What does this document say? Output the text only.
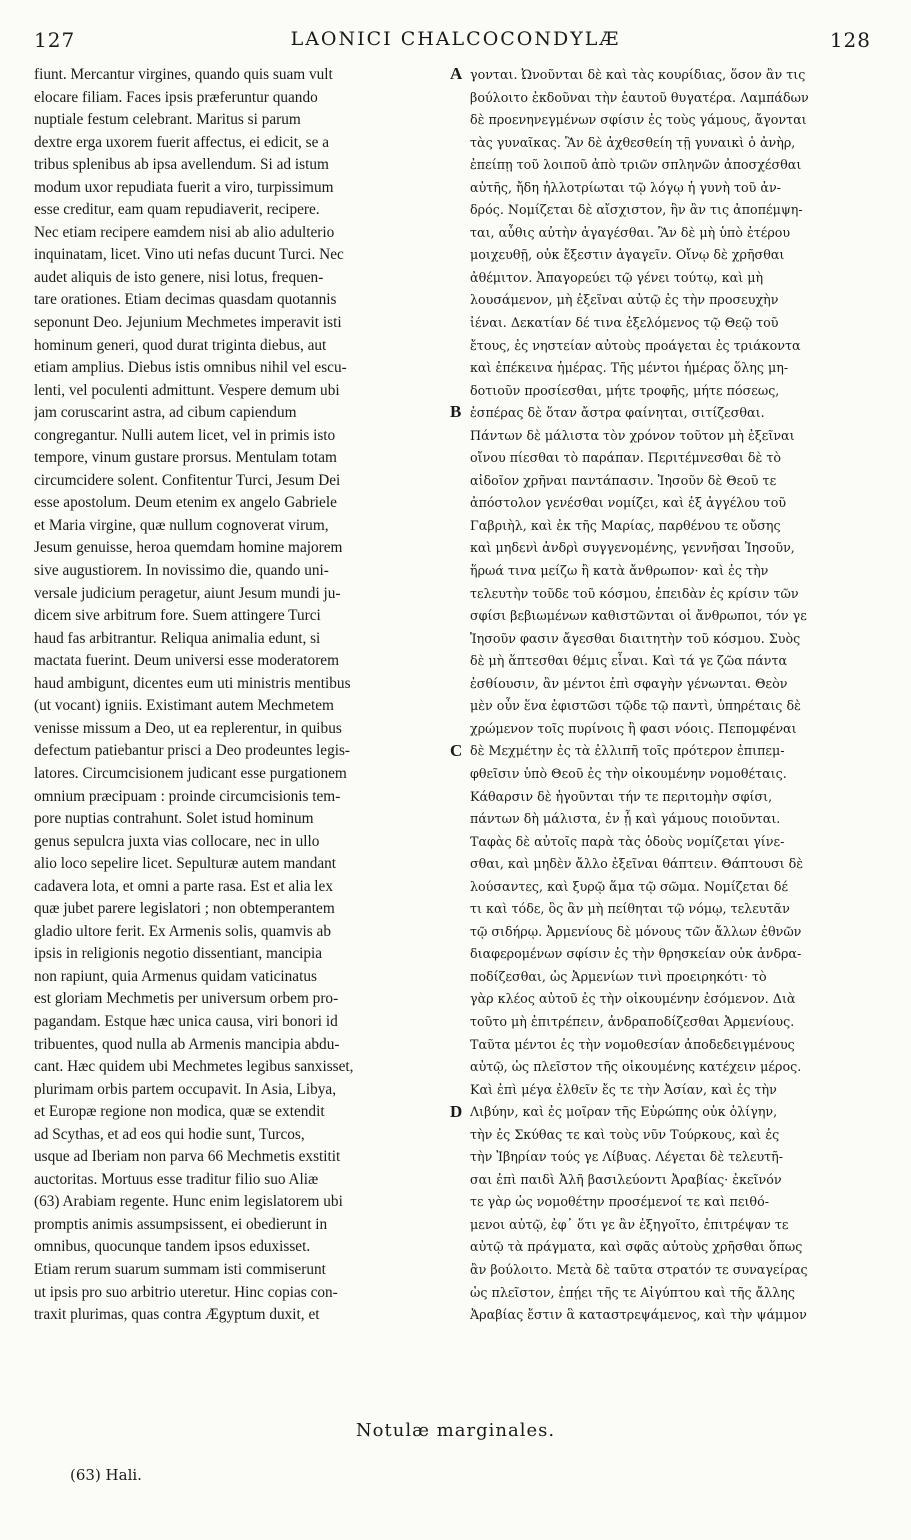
127	LAONICI CHALCOCONDYLÆ	128
fiunt. Mercantur virgines, quando quis suam vult
elocare filiam. Faces ipsis præferuntur quando
nuptiale festum celebrant. Maritus si parum
dextre erga uxorem fuerit affectus, ei edicit, se a
tribus splenibus ab ipsa avellendum. Si ad istum
modum uxor repudiata fuerit a viro, turpissimum
esse creditur, eam quam repudiaverit, recipere.
Nec etiam recipere eamdem nisi ab alio adulterio
inquinatam, licet. Vino uti nefas ducunt Turci. Nec
audet aliquis de isto genere, nisi lotus, frequen-
tare orationes. Etiam decimas quasdam quotannis
seponunt Deo. Jejunium Mechmetes imperavit isti
hominum generi, quod durat triginta diebus, aut
etiam amplius. Diebus istis omnibus nihil vel escu-
lenti, vel poculenti admittunt. Vespere demum ubi
jam coruscarint astra, ad cibum capiendum
congregantur. Nulli autem licet, vel in primis isto
tempore, vinum gustare prorsus. Mentulam totam
circumcidere solent. Confitentur Turci, Jesum Dei
esse apostolum. Deum etenim ex angelo Gabriele
et Maria virgine, quæ nullum cognoverat virum,
Jesum genuisse, heroa quemdam homine majorem
sive augustiorem. In novissimo die, quando uni-
versale judicium peragetur, aiunt Jesum mundi ju-
dicem sive arbitrum fore. Suem attingere Turci
haud fas arbitrantur. Reliqua animalia edunt, si
mactata fuerint. Deum universi esse moderatorem
haud ambigunt, dicentes eum uti ministris mentibus
(ut vocant) igniis. Existimant autem Mechmetem
venisse missum a Deo, ut ea replerentur, in quibus
defectum patiebantur prisci a Deo prodeuntes legis-
latores. Circumcisionem judicant esse purgationem
omnium præcipuam : proinde circumcisionis tem-
pore nuptias contrahunt. Solet istud hominum
genus sepulcra juxta vias collocare, nec in ullo
alio loco sepelire licet. Sepulturæ autem mandant
cadavera lota, et omni a parte rasa. Est et alia lex
quæ jubet parere legislatori ; non obtemperantem
gladio ultore ferit. Ex Armenis solis, quamvis ab
ipsis in religionis negotio dissentiant, mancipia
non rapiunt, quia Armenus quidam vaticinatus
est gloriam Mechmetis per universum orbem pro-
pagandam. Estque hæc unica causa, viri bonori id
tribuentes, quod nulla ab Armenis mancipia abdu-
cant. Hæc quidem ubi Mechmetes legibus sanxisset,
plurimam orbis partem occupavit. In Asia, Libya,
et Europæ regione non modica, quæ se extendit
ad Scythas, et ad eos qui hodie sunt, Turcos,
usque ad Iberiam non parva 66 Mechmetis exstitit
auctoritas. Mortuus esse traditur filio suo Aliæ
(63) Arabiam regente. Hunc enim legislatorem ubi
promptis animis assumpsissent, ei obedierunt in
omnibus, quocunque tandem ipsos eduxisset.
Etiam rerum suarum summam isti commiserunt
ut ipsis pro suo arbitrio uteretur. Hinc copias con-
traxit plurimas, quas contra Ægyptum duxit, et
γονται. Ὠνοῦνται δὲ καὶ τὰς κουρίδιας, ὅσον ἂν τις
βούλοιτο ἐκδοῦναι τὴν ἑαυτοῦ θυγατέρα. Λαμπάδων
δὲ προενηνεγμένων σφίσιν ἐς τοὺς γάμους, ἄγονται
τὰς γυναῖκας. Ἂν δὲ ἀχθεσθείη τῇ γυναικὶ ὁ ἀνὴρ,
ἐπείπῃ τοῦ λοιποῦ ἀπὸ τριῶν σπληνῶν ἀποσχέσθαι
αὐτῆς, ἤδη ἠλλοτρίωται τῷ λόγῳ ἡ γυνὴ τοῦ ἀν-
δρός. Νομίζεται δὲ αἴσχιστον, ἣν ἂν τις ἀποπέμψη-
ται, αὖθις αὐτὴν ἀγαγέσθαι. Ἂν δὲ μὴ ὑπὸ ἑτέρου
μοιχευθῇ, οὐκ ἔξεστιν ἀγαγεῖν. Οἴνῳ δὲ χρῆσθαι
ἀθέμιτον. Ἀπαγορεύει τῷ γένει τούτῳ, καὶ μὴ
λουσάμενον, μὴ ἐξεῖναι αὐτῷ ἐς τὴν προσευχὴν
ἰέναι. Δεκατίαν δέ τινα ἐξελόμενος τῷ Θεῷ τοῦ
ἔτους, ἐς νηστείαν αὐτοὺς προάγεται ἐς τριάκοντα
καὶ ἐπέκεινα ἡμέρας. Τῆς μέντοι ἡμέρας ὅλης μη-
δοτιοῦν προσίεσθαι, μήτε τροφῆς, μήτε πόσεως,
ἑσπέρας δὲ ὅταν ἄστρα φαίνηται, σιτίζεσθαι.
Πάντων δὲ μάλιστα τὸν χρόνον τοῦτον μὴ ἐξεῖναι
οἴνου πίεσθαι τὸ παράπαν. Περιτέμνεσθαι δὲ τὸ
αἰδοῖον χρῆναι παντάπασιν. Ἰησοῦν δὲ Θεοῦ τε
ἀπόστολον γενέσθαι νομίζει, καὶ ἐξ ἀγγέλου τοῦ
Γαβριὴλ, καὶ ἐκ τῆς Μαρίας, παρθένου τε οὔσης
καὶ μηδενὶ ἀνδρὶ συγγενομένης, γεννῆσαι Ἰησοῦν,
ἥρωά τινα μείζω ἢ κατὰ ἄνθρωπον· καὶ ἐς τὴν
τελευτὴν τοῦδε τοῦ κόσμου, ἐπειδὰν ἐς κρίσιν τῶν
σφίσι βεβιωμένων καθιστῶνται οἱ ἄνθρωποι, τόν γε
Ἰησοῦν φασιν ἄγεσθαι διαιτητὴν τοῦ κόσμου. Συὸς
δὲ μὴ ἅπτεσθαι θέμις εἶναι. Καὶ τά γε ζῶα πάντα
ἐσθίουσιν, ἂν μέντοι ἐπὶ σφαγὴν γένωνται. Θεὸν
μὲν οὖν ἕνα ἐφιστῶσι τῷδε τῷ παντὶ, ὑπηρέταις δὲ
χρώμενον τοῖς πυρίνοις ἢ φασι νόοις. Πεπομφέναι
δὲ Μεχμέτην ἐς τὰ ἐλλιπῆ τοῖς πρότερον ἐπιπεμ-
φθεῖσιν ὑπὸ Θεοῦ ἐς τὴν οἰκουμένην νομοθέταις.
Κάθαρσιν δὲ ἡγοῦνται τήν τε περιτομὴν σφίσι,
πάντων δὴ μάλιστα, ἐν ᾗ καὶ γάμους ποιοῦνται.
Ταφὰς δὲ αὐτοῖς παρὰ τὰς ὁδοὺς νομίζεται γίνε-
σθαι, καὶ μηδὲν ἄλλο ἐξεῖναι θάπτειν. Θάπτουσι δὲ
λούσαντες, καὶ ξυρῷ ἅμα τῷ σῶμα. Νομίζεται δέ
τι καὶ τόδε, ὃς ἂν μὴ πείθηται τῷ νόμῳ, τελευτᾶν
τῷ σιδήρῳ. Ἀρμενίους δὲ μόνους τῶν ἄλλων ἐθνῶν
διαφερομένων σφίσιν ἐς τὴν θρησκείαν οὐκ ἀνδρα-
ποδίζεσθαι, ὡς Ἀρμενίων τινὶ προειρηκότι· τὸ
γὰρ κλέος αὐτοῦ ἐς τὴν οἰκουμένην ἐσόμενον. Διὰ
τοῦτο μὴ ἐπιτρέπειν, ἀνδραποδίζεσθαι Ἀρμενίους.
Ταῦτα μέντοι ἐς τὴν νομοθεσίαν ἀποδεδειγμένους
αὐτῷ, ὡς πλεῖστον τῆς οἰκουμένης κατέχειν μέρος.
Καὶ ἐπὶ μέγα ἐλθεῖν ἔς τε τὴν Ἀσίαν, καὶ ἐς τὴν
Λιβύην, καὶ ἐς μοῖραν τῆς Εὐρώπης οὐκ ὀλίγην,
τὴν ἐς Σκύθας τε καὶ τοὺς νῦν Τούρκους, καὶ ἐς
τὴν Ἰβηρίαν τούς γε Λίβυας. Λέγεται δὲ τελευτῆ-
σαι ἐπὶ παιδὶ Ἀλῆ βασιλεύοντι Ἀραβίας· ἐκεῖνόν
τε γὰρ ὡς νομοθέτην προσέμενοί τε καὶ πειθό-
μενοι αὐτῷ, ἐφ᾽ ὅτι γε ἂν ἐξηγοῖτο, ἐπιτρέψαν τε
αὐτῷ τὰ πράγματα, καὶ σφᾶς αὐτοὺς χρῆσθαι ὅπως
ἂν βούλοιτο. Μετὰ δὲ ταῦτα στρατόν τε συναγείρας
ὡς πλεῖστον, ἐπῄει τῆς τε Αἰγύπτου καὶ τῆς ἄλλης
Ἀραβίας ἔστιν ἃ καταστρεψάμενος, καὶ τὴν ψάμμον
A
B
C
D
Notulæ marginales.
(63) Hali.
